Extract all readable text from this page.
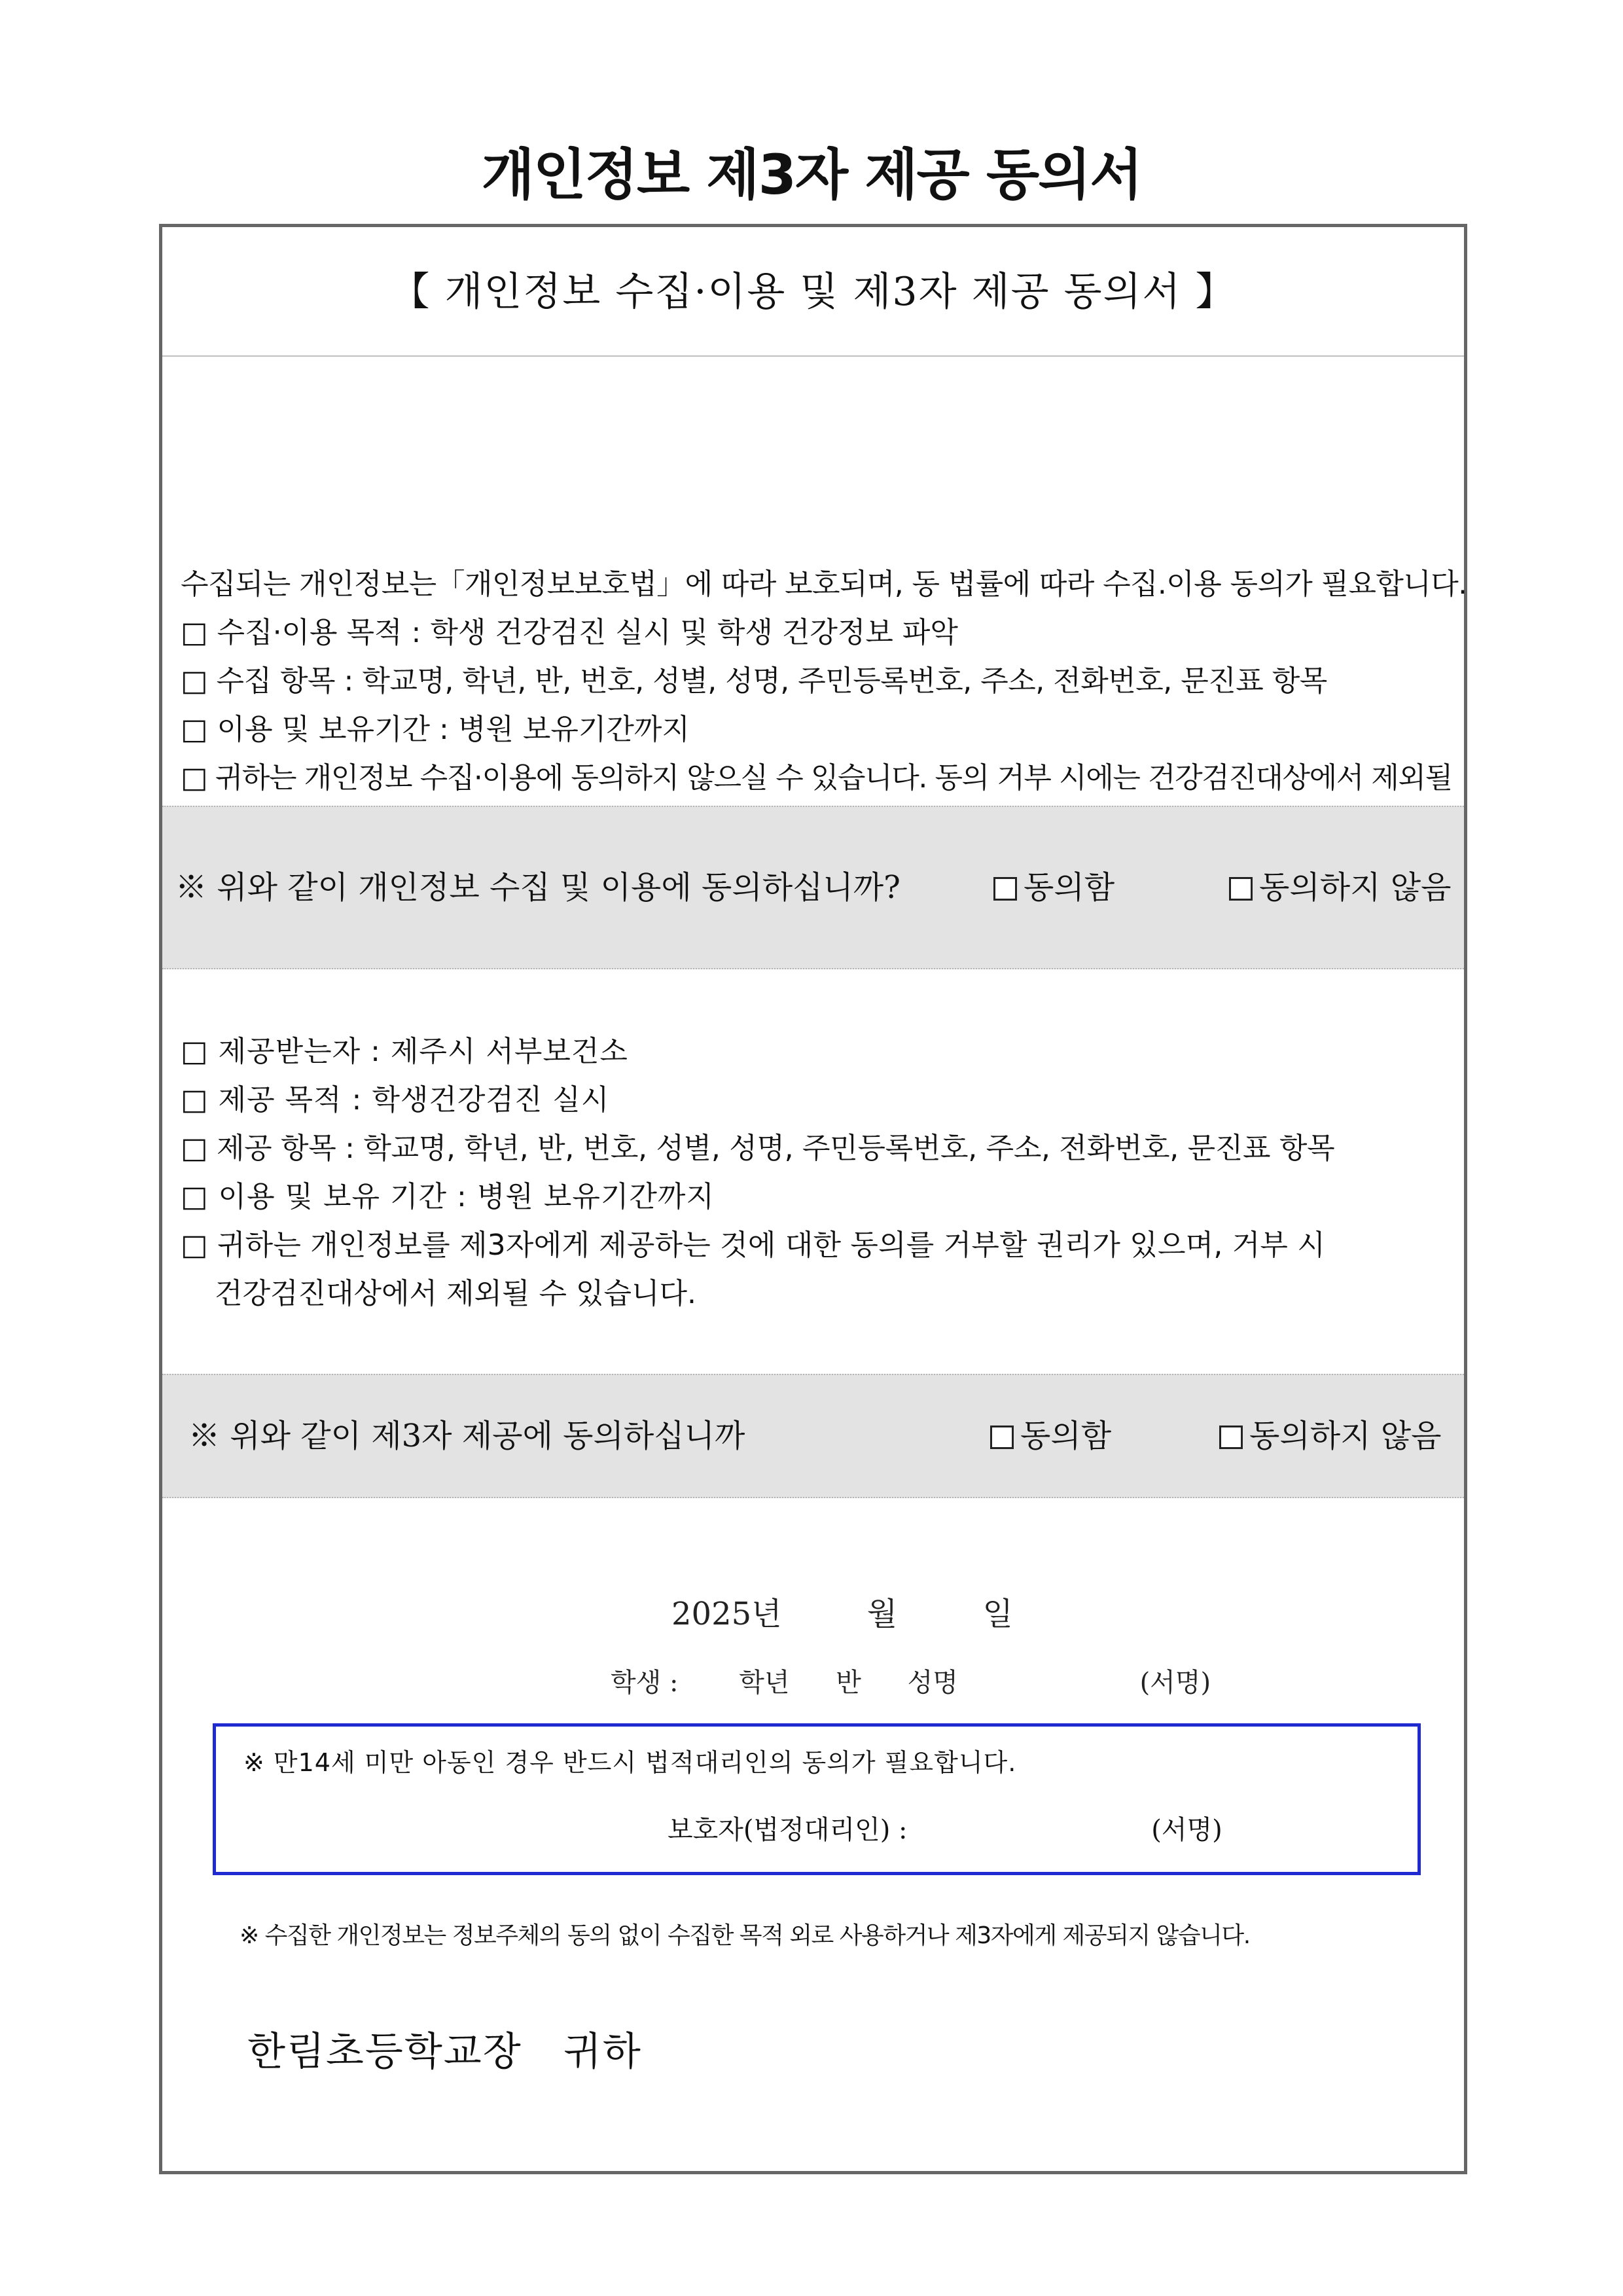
개인정보 제3자 제공 동의서
【 개인정보 수집·이용 및 제3자 제공 동의서 】
수집되는 개인정보는「개인정보보호법」에 따라 보호되며, 동 법률에 따라 수집.이용 동의가 필요합니다.
□ 수집·이용 목적 : 학생 건강검진 실시 및 학생 건강정보 파악
□ 수집 항목 : 학교명, 학년, 반, 번호, 성별, 성명, 주민등록번호, 주소, 전화번호, 문진표 항목
□ 이용 및 보유기간 : 병원 보유기간까지
□ 귀하는 개인정보 수집·이용에 동의하지 않으실 수 있습니다. 동의 거부 시에는 건강검진대상에서 제외될
※ 위와 같이 개인정보 수집 및 이용에 동의하십니까?	동의함	동의하지 않음
□ 제공받는자 : 제주시 서부보건소
□ 제공 목적 : 학생건강검진 실시
□ 제공 항목 : 학교명, 학년, 반, 번호, 성별, 성명, 주민등록번호, 주소, 전화번호, 문진표 항목
□ 이용 및 보유 기간 : 병원 보유기간까지
□ 귀하는 개인정보를 제3자에게 제공하는 것에 대한 동의를 거부할 권리가 있으며, 거부 시
건강검진대상에서 제외될 수 있습니다.
※ 위와 같이 제3자 제공에 동의하십니까	동의함	동의하지 않음
2025년	월	일
학생 : 학년 반 성명	(서명)
※ 만14세 미만 아동인 경우 반드시 법적대리인의 동의가 필요합니다.
보호자(법정대리인) :	(서명)
※ 수집한 개인정보는 정보주체의 동의 없이 수집한 목적 외로 사용하거나 제3자에게 제공되지 않습니다.
한림초등학교장   귀하
